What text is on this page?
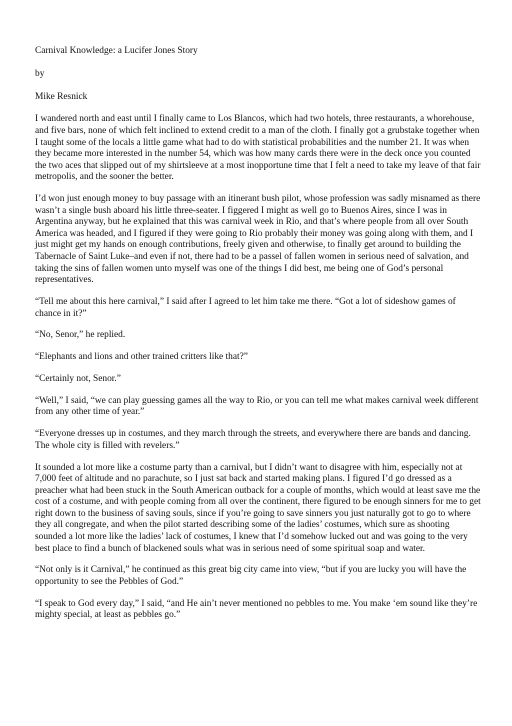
Carnival Knowledge: a Lucifer Jones Story
by
Mike Resnick

I wandered north and east until I finally came to Los Blancos, which had two hotels, three restaurants, a whorehouse, and five bars, none of which felt inclined to extend credit to a man of the cloth. I finally got a grubstake together when I taught some of the locals a little game what had to do with statistical probabilities and the number 21. It was when they became more interested in the number 54, which was how many cards there were in the deck once you counted the two aces that slipped out of my shirtsleeve at a most inopportune time that I felt a need to take my leave of that fair metropolis, and the sooner the better.

I’d won just enough money to buy passage with an itinerant bush pilot, whose profession was sadly misnamed as there wasn’t a single bush aboard his little three-seater. I figgered I might as well go to Buenos Aires, since I was in Argentina anyway, but he explained that this was carnival week in Rio, and that’s where people from all over South America was headed, and I figured if they were going to Rio probably their money was going along with them, and I just might get my hands on enough contributions, freely given and otherwise, to finally get around to building the Tabernacle of Saint Luke–and even if not, there had to be a passel of fallen women in serious need of salvation, and taking the sins of fallen women unto myself was one of the things I did best, me being one of God’s personal representatives.

“Tell me about this here carnival,” I said after I agreed to let him take me there. “Got a lot of sideshow games of chance in it?”

“No, Senor,” he replied.

“Elephants and lions and other trained critters like that?”

“Certainly not, Senor.”

“Well,” I said, “we can play guessing games all the way to Rio, or you can tell me what makes carnival week different from any other time of year.”

“Everyone dresses up in costumes, and they march through the streets, and everywhere there are bands and dancing. The whole city is filled with revelers.”

It sounded a lot more like a costume party than a carnival, but I didn’t want to disagree with him, especially not at 7,000 feet of altitude and no parachute, so I just sat back and started making plans. I figured I’d go dressed as a preacher what had been stuck in the South American outback for a couple of months, which would at least save me the cost of a costume, and with people coming from all over the continent, there figured to be enough sinners for me to get right down to the business of saving souls, since if you’re going to save sinners you just naturally got to go to where they all congregate, and when the pilot started describing some of the ladies’ costumes, which sure as shooting sounded a lot more like the ladies’ lack of costumes, I knew that I’d somehow lucked out and was going to the very best place to find a bunch of blackened souls what was in serious need of some spiritual soap and water.

“Not only is it Carnival,” he continued as this great big city came into view, “but if you are lucky you will have the opportunity to see the Pebbles of God.”

“I speak to God every day,” I said, “and He ain’t never mentioned no pebbles to me. You make ‘em sound like they’re mighty special, at least as pebbles go.”
